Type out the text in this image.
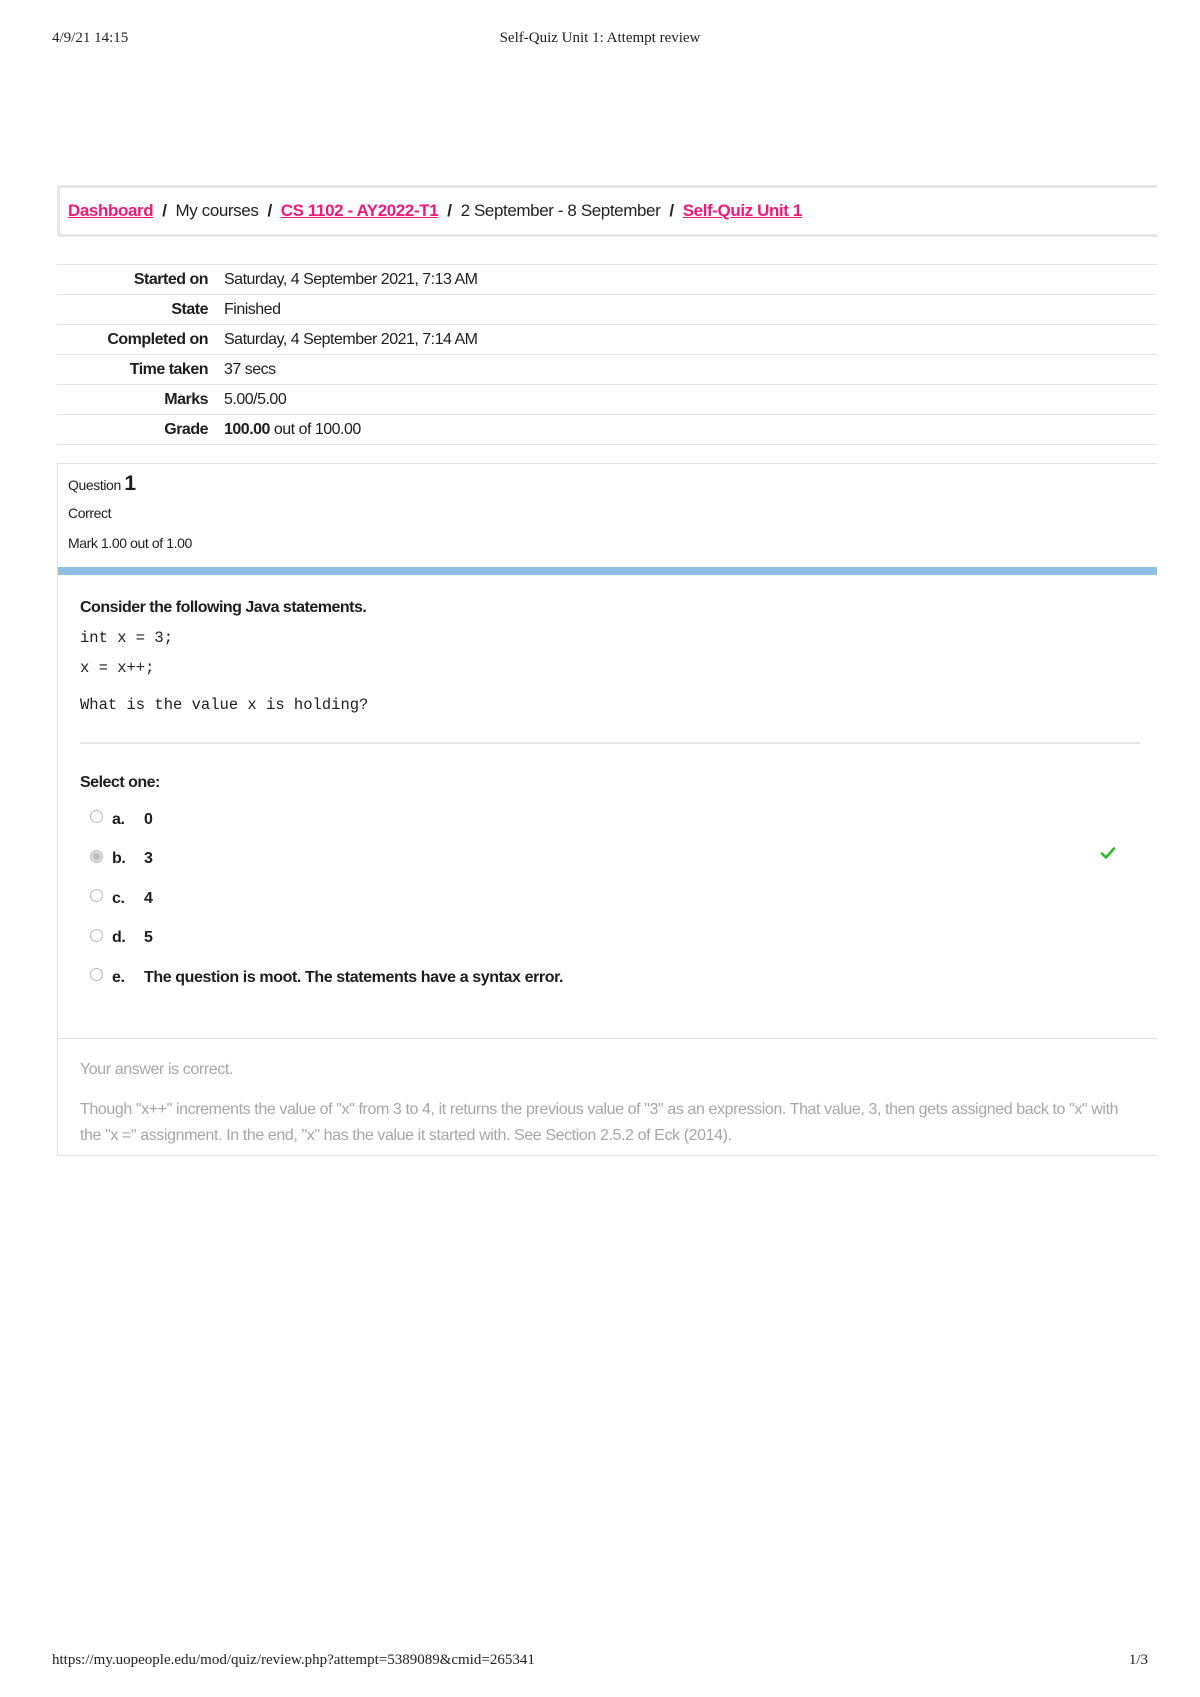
4/9/21 14:15	Self-Quiz Unit 1: Attempt review
Dashboard / My courses / CS 1102 - AY2022-T1 / 2 September - 8 September / Self-Quiz Unit 1
Started on	Saturday, 4 September 2021, 7:13 AM
State	Finished
Completed on	Saturday, 4 September 2021, 7:14 AM
Time taken	37 secs
Marks	5.00/5.00
Grade	100.00 out of 100.00
Question 1
Correct
Mark 1.00 out of 1.00

Consider the following Java statements.

int x = 3;

x = x++;

What is the value x is holding?

Select one:
a.	0
b.	3
c.	4
d.	5
e.	The question is moot. The statements have a syntax error.

Your answer is correct.

Though "x++" increments the value of "x" from 3 to 4, it returns the previous value of "3" as an expression. That value, 3, then gets assigned back to "x" with the "x =" assignment. In the end, "x" has the value it started with. See Section 2.5.2 of Eck (2014).

https://my.uopeople.edu/mod/quiz/review.php?attempt=5389089&cmid=265341	1/3
